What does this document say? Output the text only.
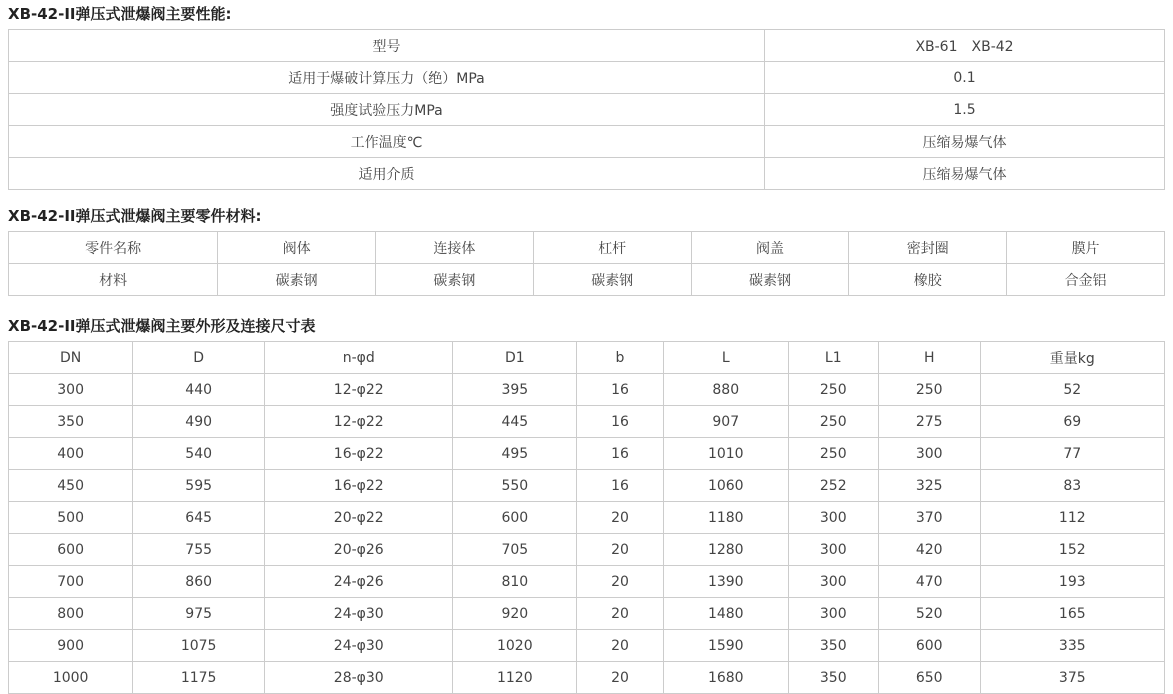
XB-42-II弹压式泄爆阀主要性能:
型号	XB-61　XB-42
适用于爆破计算压力（绝）MPa	0.1
强度试验压力MPa	1.5
工作温度℃	压缩易爆气体
适用介质	压缩易爆气体
XB-42-II弹压式泄爆阀主要零件材料:
零件名称	阀体	连接体	杠杆	阀盖	密封圈	膜片
材料	碳素钢	碳素钢	碳素钢	碳素钢	橡胶	合金铝
XB-42-II弹压式泄爆阀主要外形及连接尺寸表
DN	D	n-φd	D1	b	L	L1	H	重量kg
300	440	12-φ22	395	16	880	250	250	52
350	490	12-φ22	445	16	907	250	275	69
400	540	16-φ22	495	16	1010	250	300	77
450	595	16-φ22	550	16	1060	252	325	83
500	645	20-φ22	600	20	1180	300	370	112
600	755	20-φ26	705	20	1280	300	420	152
700	860	24-φ26	810	20	1390	300	470	193
800	975	24-φ30	920	20	1480	300	520	165
900	1075	24-φ30	1020	20	1590	350	600	335
1000	1175	28-φ30	1120	20	1680	350	650	375
